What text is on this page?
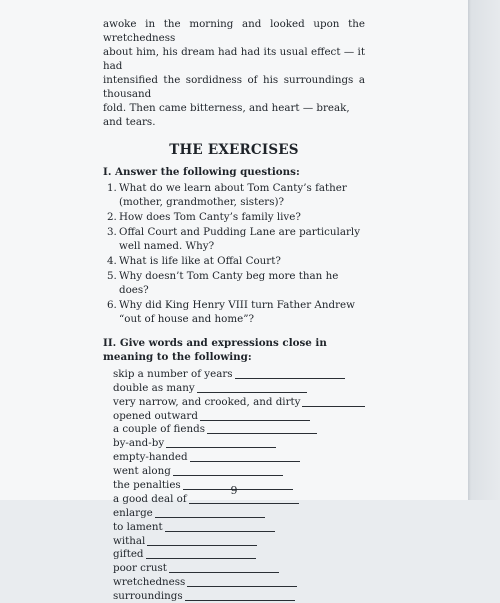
awoke in the morning and looked upon the wretchedness

about him, his dream had had its usual effect — it had

intensified the sordidness of his surroundings a thousand

fold. Then came bitterness, and heart — break, and tears.

THE EXERCISES
I. Answer the following questions:
1. What do we learn about Tom Canty’s father (mother, grandmother, sisters)?
2. How does Tom Canty’s family live?
3. Offal Court and Pudding Lane are particularly well named. Why?
4. What is life like at Offal Court?
5. Why doesn’t Tom Canty beg more than he does?
6. Why did King Henry VIII turn Father Andrew “out of house and home”?
II. Give words and expressions close in meaning to the following:
skip a number of years
double as many
very narrow, and crooked, and dirty
opened outward
a couple of fiends
by-and-by
empty-handed
went along
the penalties
a good deal of
enlarge
to lament
withal
gifted
poor crust
wretchedness
surroundings
9
